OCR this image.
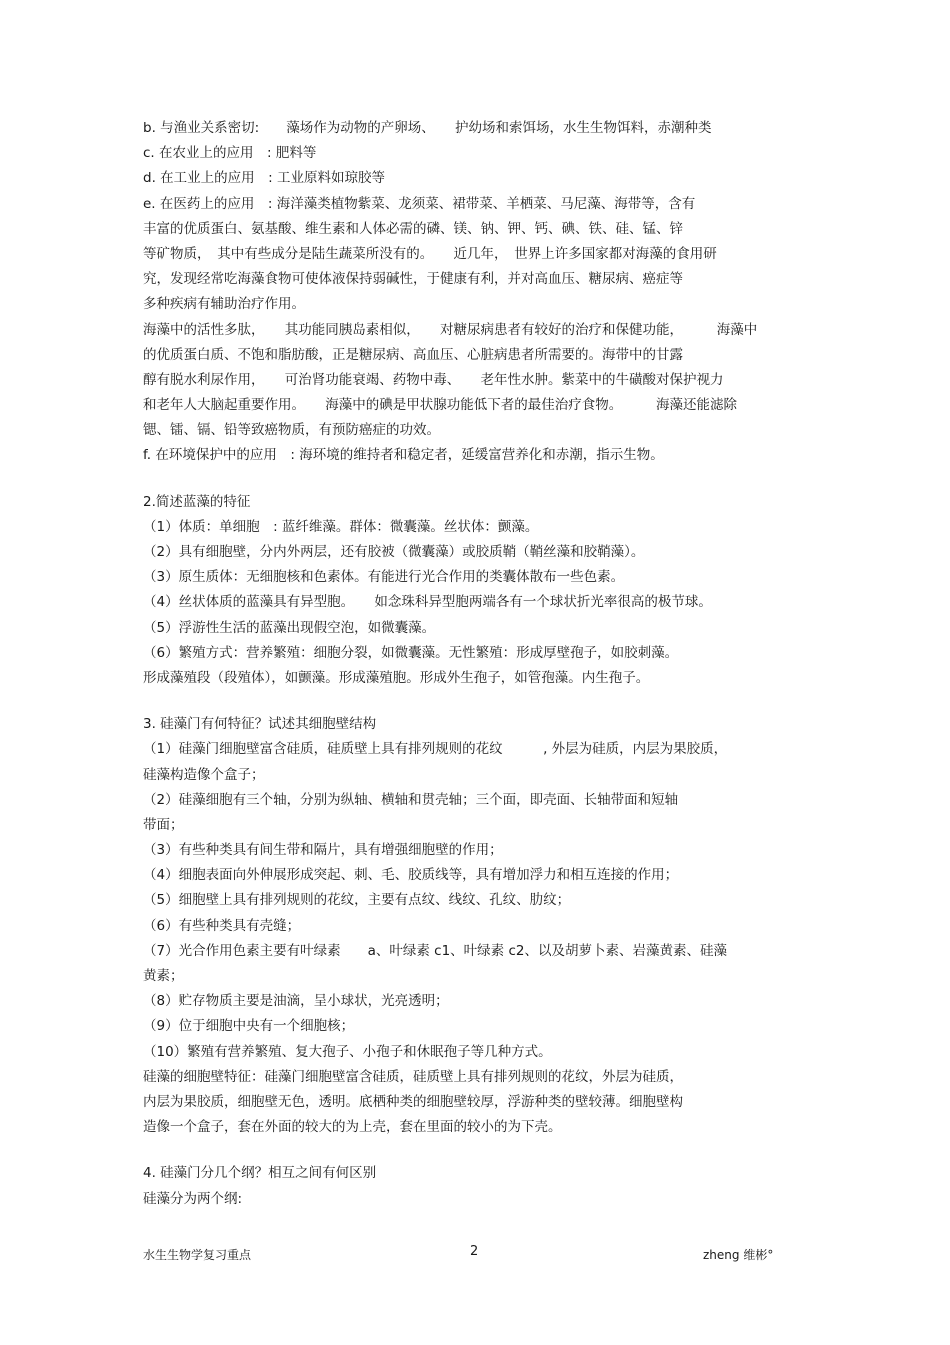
b. 与渔业关系密切:　　藻场作为动物的产卵场、　　护幼场和索饵场，水生生物饵料，赤潮种类
c. 在农业上的应用　: 肥料等
d. 在工业上的应用　: 工业原料如琼胶等
e. 在医药上的应用　: 海洋藻类植物紫菜、龙须菜、裙带菜、羊栖菜、马尼藻、海带等，含有
丰富的优质蛋白、氨基酸、维生素和人体必需的磷、镁、钠、钾、钙、碘、铁、硅、锰、锌
等矿物质，　其中有些成分是陆生蔬菜所没有的。　　近几年，　世界上许多国家都对海藻的食用研
究，发现经常吃海藻食物可使体液保持弱碱性，于健康有利，并对高血压、糖尿病、癌症等
多种疾病有辅助治疗作用。
海藻中的活性多肽，　　其功能同胰岛素相似，　　对糖尿病患者有较好的治疗和保健功能，　　　海藻中
的优质蛋白质、不饱和脂肪酸，正是糖尿病、高血压、心脏病患者所需要的。海带中的甘露
醇有脱水利尿作用，　　可治肾功能衰竭、药物中毒、　　老年性水肿。紫菜中的牛磺酸对保护视力
和老年人大脑起重要作用。　　海藻中的碘是甲状腺功能低下者的最佳治疗食物。　　　海藻还能滤除
锶、镭、镉、铅等致癌物质，有预防癌症的功效。
f. 在环境保护中的应用　: 海环境的维持者和稳定者，延缓富营养化和赤潮，指示生物。
2.简述蓝藻的特征
（1）体质：单细胞　: 蓝纤维藻。群体：微囊藻。丝状体：颤藻。
（2）具有细胞壁，分内外两层，还有胶被（微囊藻）或胶质鞘（鞘丝藻和胶鞘藻）。
（3）原生质体：无细胞核和色素体。有能进行光合作用的类囊体散布一些色素。
（4）丝状体质的蓝藻具有异型胞。　　如念珠科异型胞两端各有一个球状折光率很高的极节球。
（5）浮游性生活的蓝藻出现假空泡，如微囊藻。
（6）繁殖方式：营养繁殖：细胞分裂，如微囊藻。无性繁殖：形成厚壁孢子，如胶刺藻。
形成藻殖段（段殖体），如颤藻。形成藻殖胞。形成外生孢子，如管孢藻。内生孢子。
3. 硅藻门有何特征？试述其细胞壁结构
（1）硅藻门细胞壁富含硅质，硅质壁上具有排列规则的花纹　　　, 外层为硅质，内层为果胶质，
硅藻构造像个盒子；
（2）硅藻细胞有三个轴，分别为纵轴、横轴和贯壳轴；三个面，即壳面、长轴带面和短轴
带面；
（3）有些种类具有间生带和隔片，具有增强细胞壁的作用；
（4）细胞表面向外伸展形成突起、刺、毛、胶质线等，具有增加浮力和相互连接的作用；
（5）细胞壁上具有排列规则的花纹，主要有点纹、线纹、孔纹、肋纹；
（6）有些种类具有壳缝；
（7）光合作用色素主要有叶绿素　　a、叶绿素 c1、叶绿素 c2、以及胡萝卜素、岩藻黄素、硅藻
黄素；
（8）贮存物质主要是油滴，呈小球状，光亮透明；
（9）位于细胞中央有一个细胞核；
（10）繁殖有营养繁殖、复大孢子、小孢子和休眠孢子等几种方式。
硅藻的细胞壁特征：硅藻门细胞壁富含硅质，硅质壁上具有排列规则的花纹，外层为硅质，
内层为果胶质，细胞壁无色，透明。底栖种类的细胞壁较厚，浮游种类的壁较薄。细胞壁构
造像一个盒子，套在外面的较大的为上壳，套在里面的较小的为下壳。
4. 硅藻门分几个纲？相互之间有何区别
硅藻分为两个纲:
水生生物学复习重点	2	zheng 维彬°
